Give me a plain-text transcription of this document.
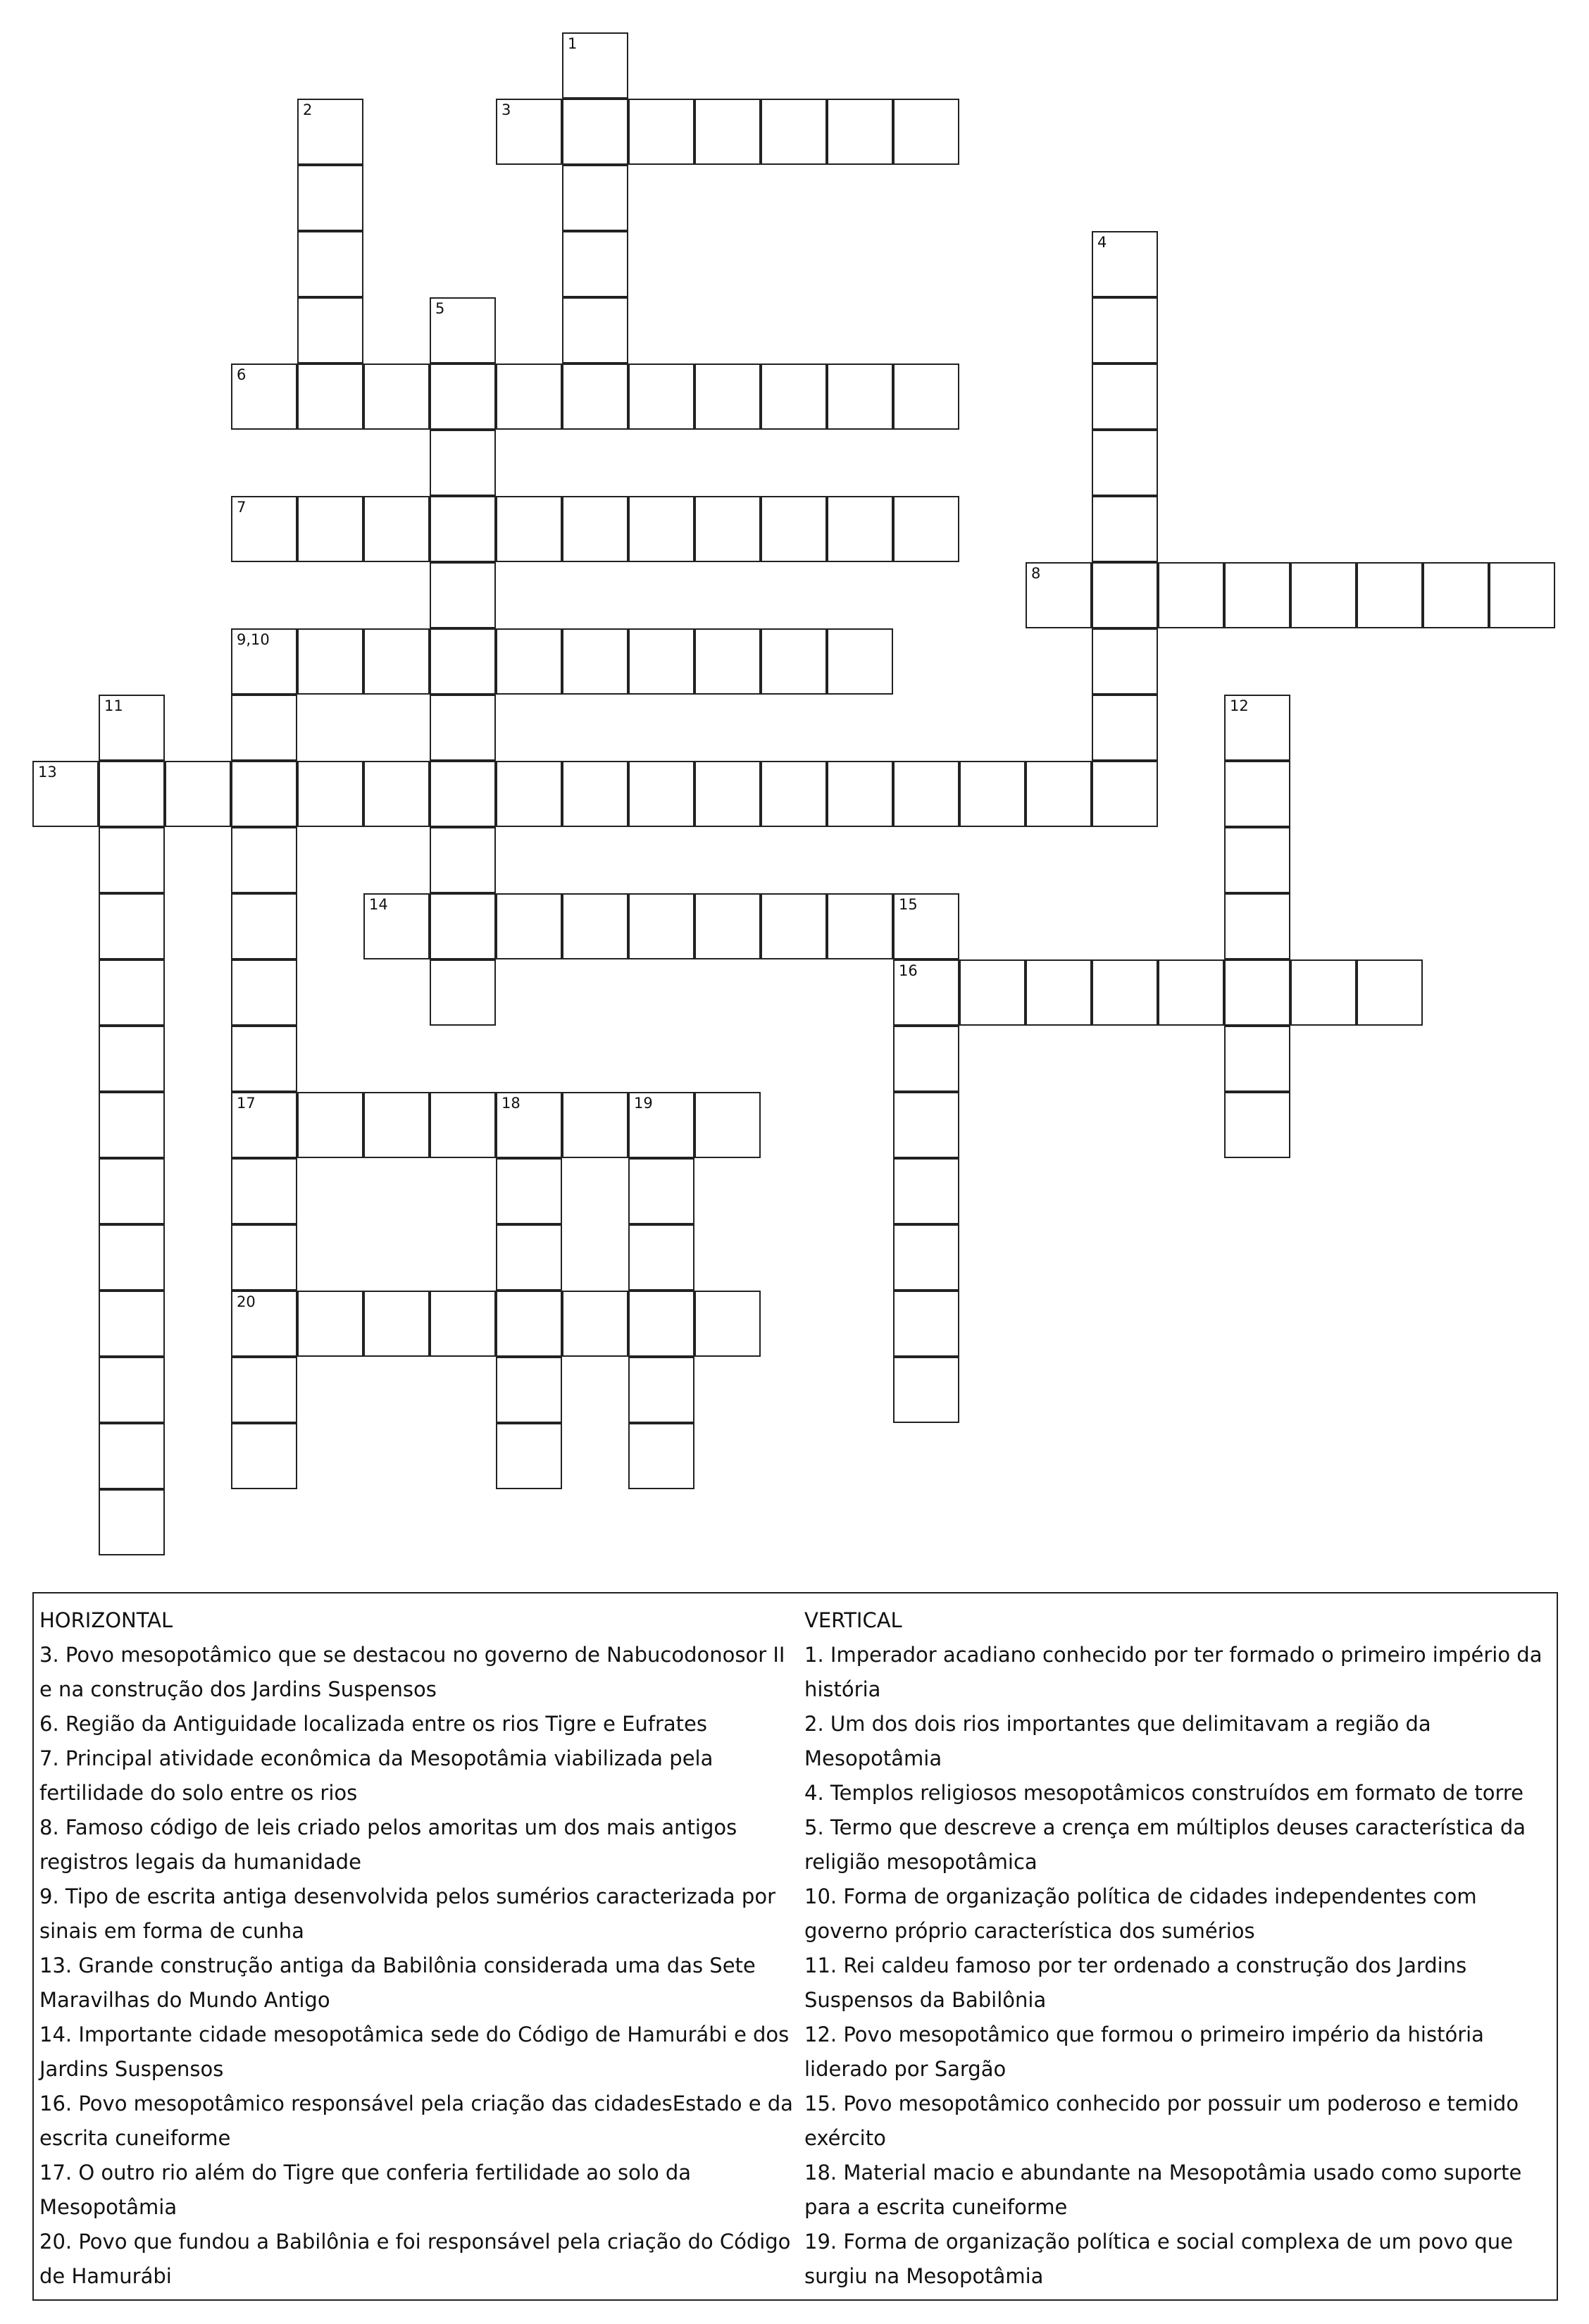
1
2	3
4
5
6
7
8
9,10
17
20
11	12
13
14	15
16
18	19
HORIZONTAL

3. Povo mesopotâmico que se destacou no governo de Nabucodonosor II e na construção dos Jardins Suspensos

6. Região da Antiguidade localizada entre os rios Tigre e Eufrates

7. Principal atividade econômica da Mesopotâmia viabilizada pela fertilidade do solo entre os rios

8. Famoso código de leis criado pelos amoritas um dos mais antigos registros legais da humanidade

9. Tipo de escrita antiga desenvolvida pelos sumérios caracterizada por sinais em forma de cunha

13. Grande construção antiga da Babilônia considerada uma das Sete Maravilhas do Mundo Antigo

14. Importante cidade mesopotâmica sede do Código de Hamurábi e dos Jardins Suspensos

16. Povo mesopotâmico responsável pela criação das cidadesEstado e da escrita cuneiforme

17. O outro rio além do Tigre que conferia fertilidade ao solo da Mesopotâmia

20. Povo que fundou a Babilônia e foi responsável pela criação do Código de Hamurábi

VERTICAL

1. Imperador acadiano conhecido por ter formado o primeiro império da história

2. Um dos dois rios importantes que delimitavam a região da Mesopotâmia

4. Templos religiosos mesopotâmicos construídos em formato de torre

5. Termo que descreve a crença em múltiplos deuses característica da religião mesopotâmica

10. Forma de organização política de cidades independentes com governo próprio característica dos sumérios

11. Rei caldeu famoso por ter ordenado a construção dos Jardins Suspensos da Babilônia

12. Povo mesopotâmico que formou o primeiro império da história liderado por Sargão

15. Povo mesopotâmico conhecido por possuir um poderoso e temido exército

18. Material macio e abundante na Mesopotâmia usado como suporte para a escrita cuneiforme

19. Forma de organização política e social complexa de um povo que surgiu na Mesopotâmia
